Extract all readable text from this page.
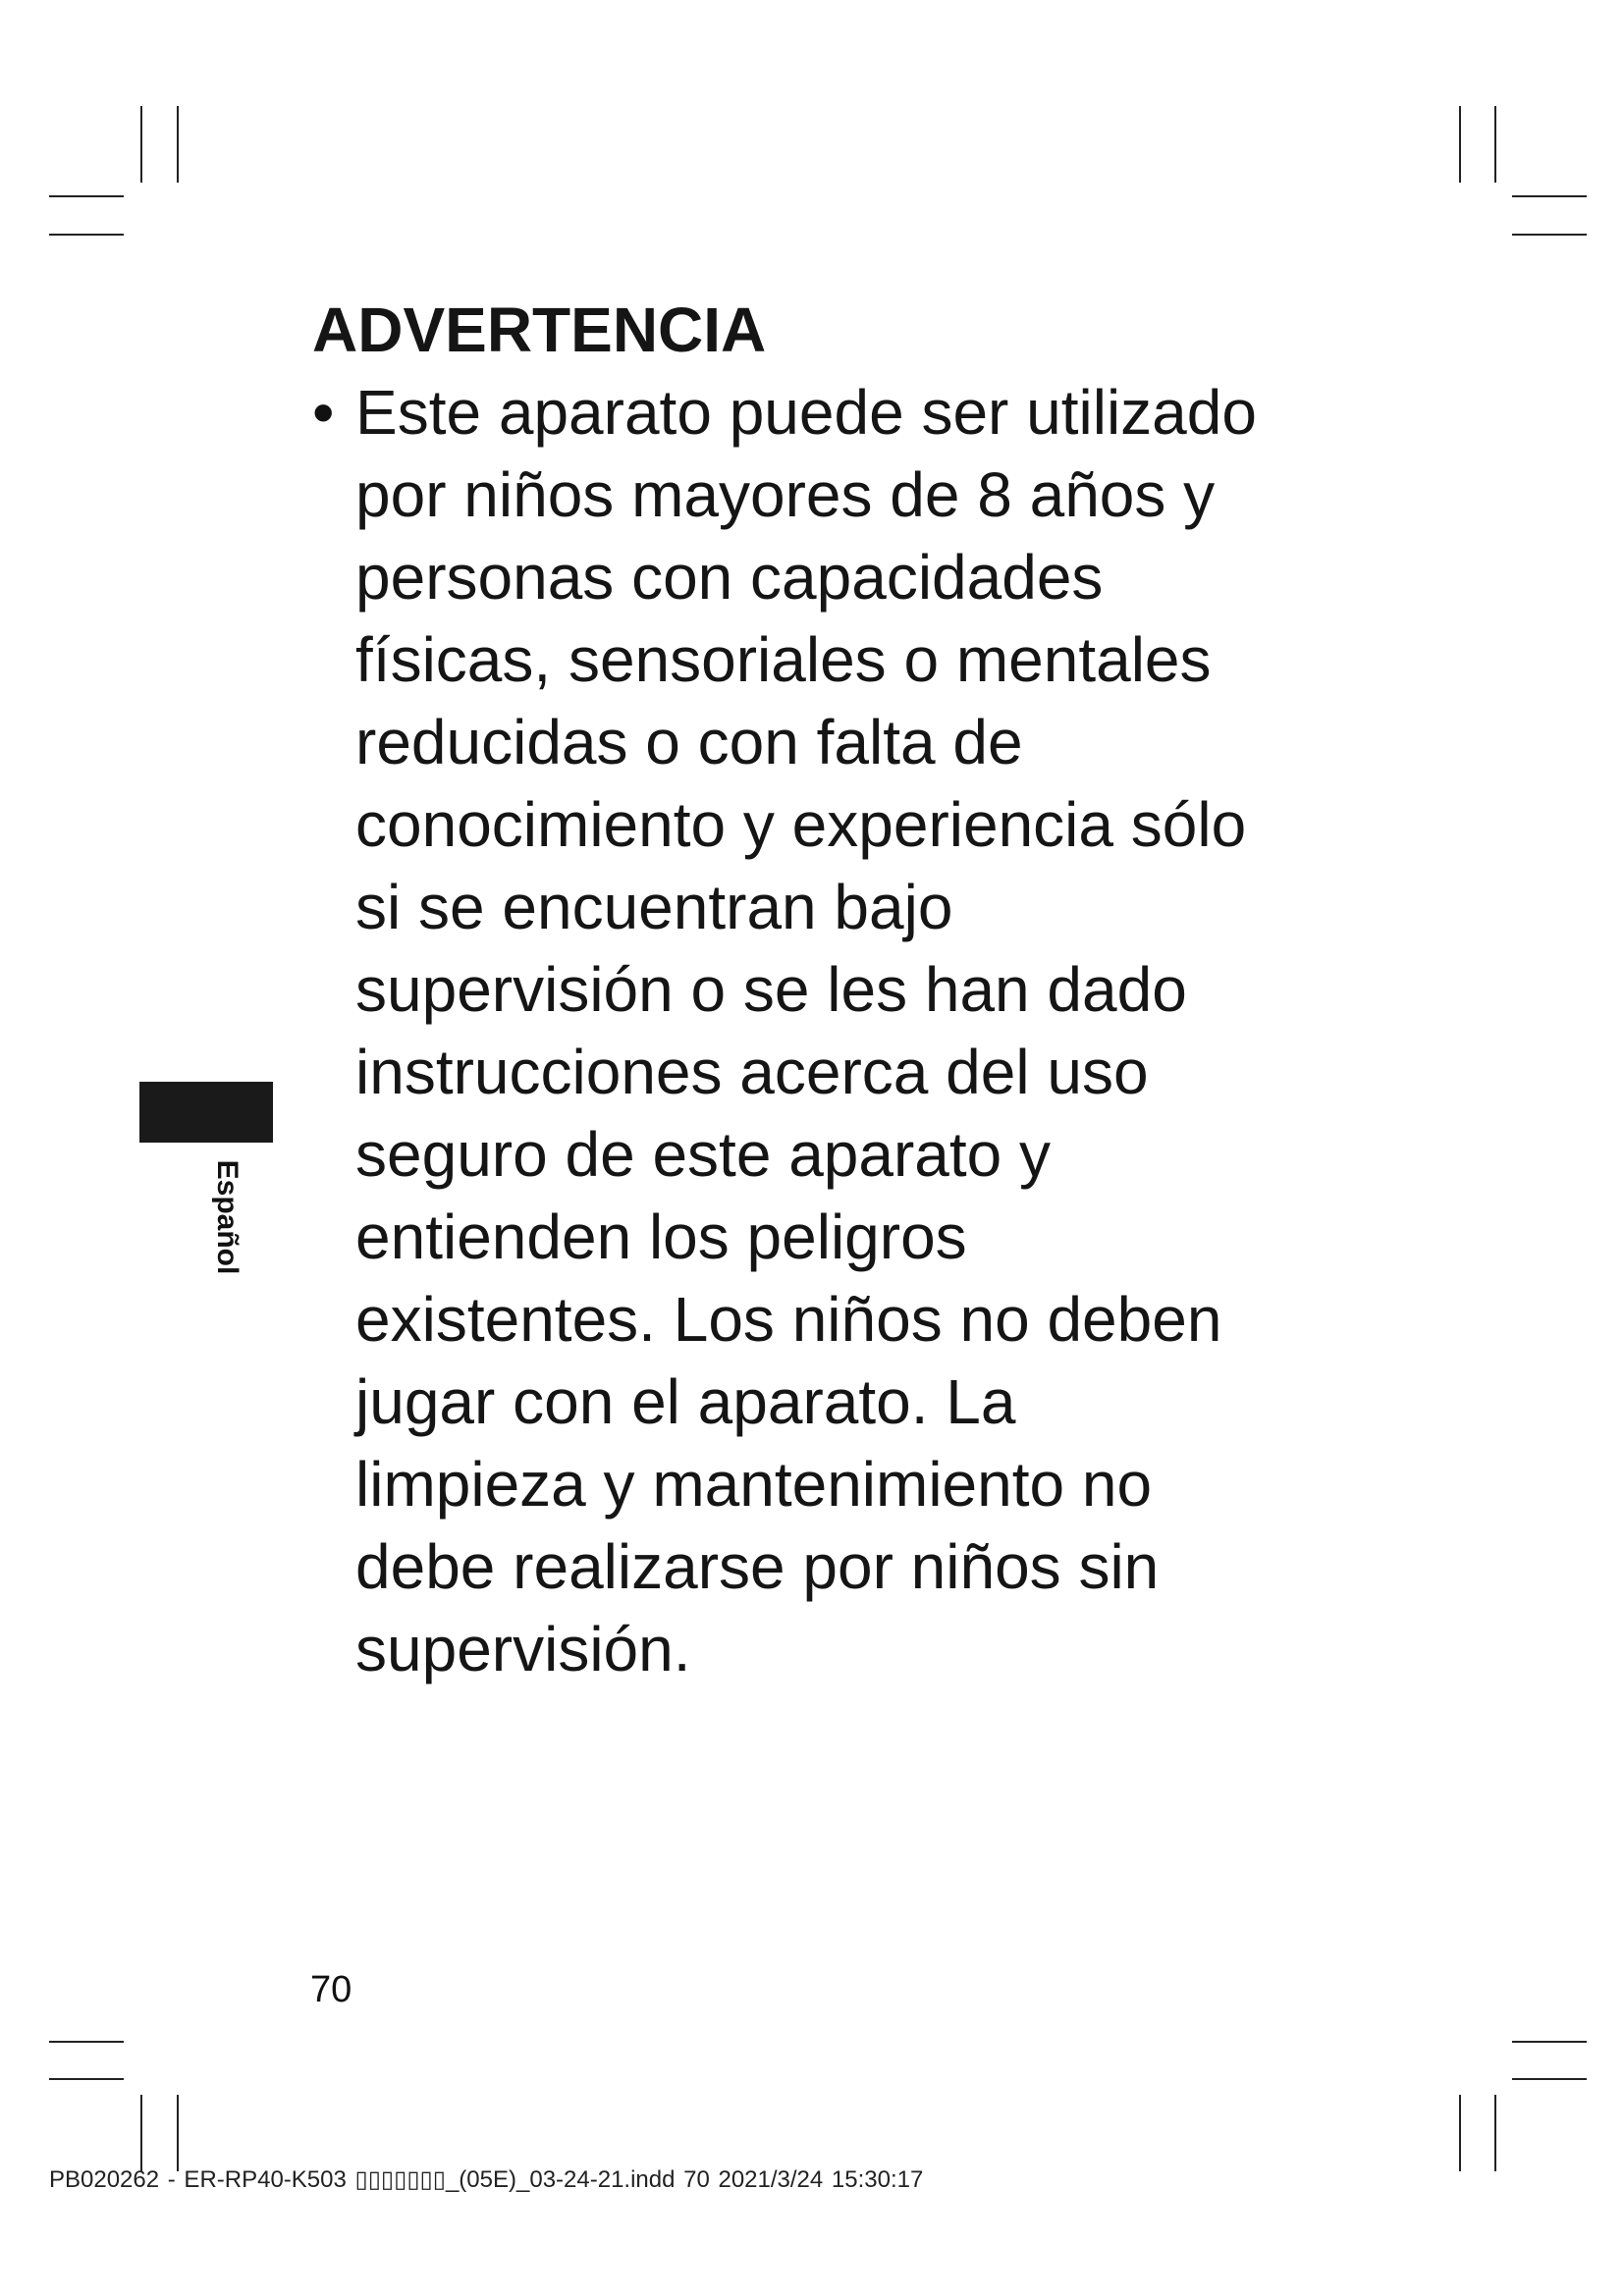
Español
ADVERTENCIA
• Este aparato puede ser utilizado
por niños mayores de 8 años y
personas con capacidades
físicas, sensoriales o mentales
reducidas o con falta de
conocimiento y experiencia sólo
si se encuentran bajo
supervisión o se les han dado
instrucciones acerca del uso
seguro de este aparato y
entienden los peligros
existentes. Los niños no deben
jugar con el aparato. La
limpieza y mantenimiento no
debe realizarse por niños sin
supervisión.
70
PB020262 - ER-RP40-K503 ▯▯▯▯▯▯▯_(05E)_03-24-21.indd 70 2021/3/24 15:30:17
